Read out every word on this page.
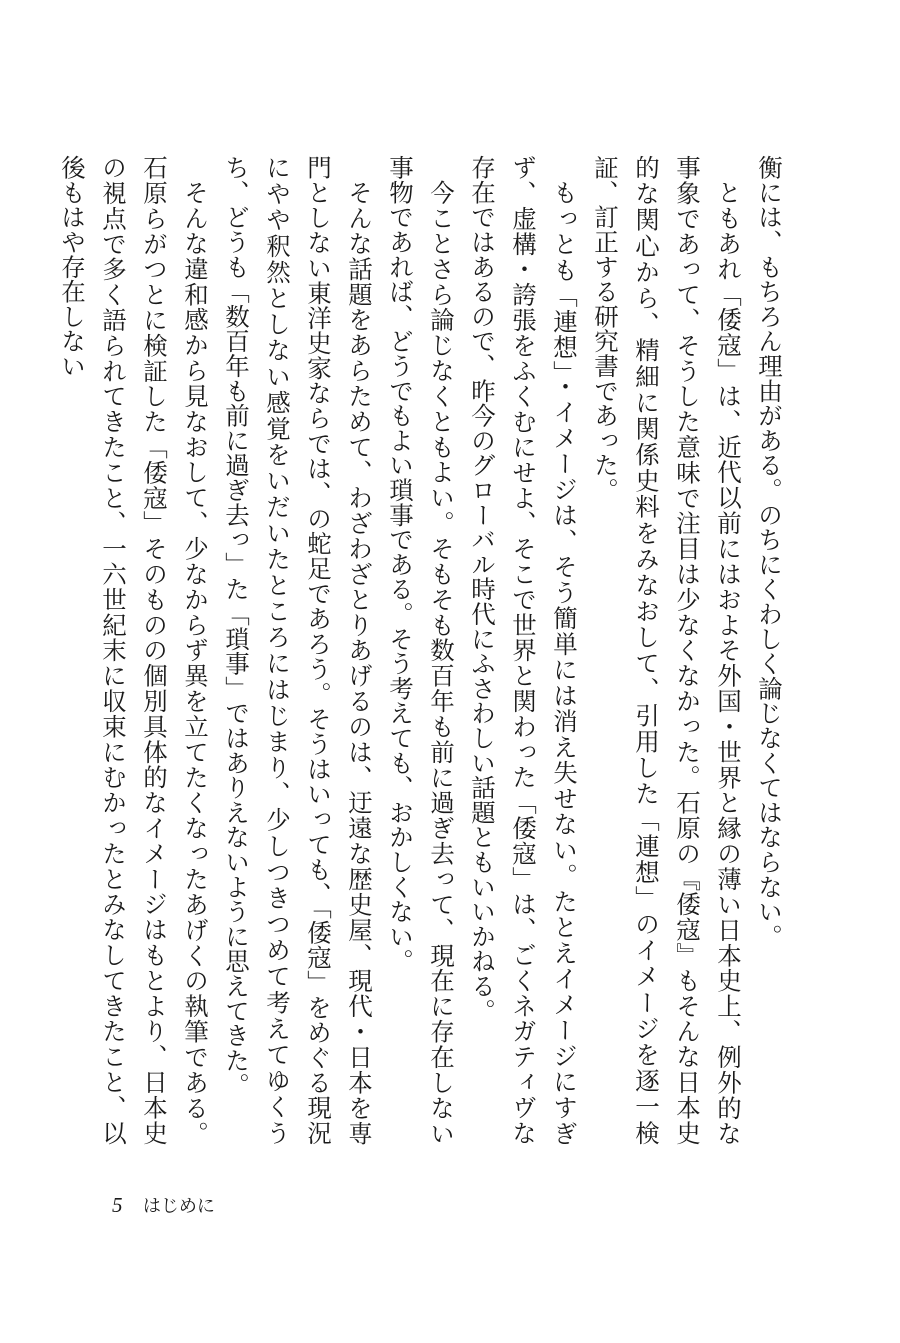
衡には、もちろん理由がある。のちにくわしく論じなくてはならない。

ともあれ「倭寇」は、近代以前にはおよそ外国・世界と縁の薄い日本史上、例外的な事象であって、そうした意味で注目は少なくなかった。石原の『倭寇』もそんな日本史的な関心から、精細に関係史料をみなおして、引用した「連想」のイメージを逐一検証、訂正する研究書であった。

もっとも「連想」・イメージは、そう簡単には消え失せない。たとえイメージにすぎず、虚構・誇張をふくむにせよ、そこで世界と関わった「倭寇」は、ごくネガティヴな存在ではあるので、昨今のグローバル時代にふさわしい話題ともいいかねる。

今ことさら論じなくともよい。そもそも数百年も前に過ぎ去って、現在に存在しない事物であれば、どうでもよい瑣事である。そう考えても、おかしくない。

そんな話題をあらためて、わざわざとりあげるのは、迂遠な歴史屋、現代・日本を専門としない東洋史家ならでは、の蛇足であろう。そうはいっても、「倭寇」をめぐる現況にやや釈然としない感覚をいだいたところにはじまり、少しつきつめて考えてゆくうち、どうも「数百年も前に過ぎ去っ」た「瑣事」ではありえないように思えてきた。

そんな違和感から見なおして、少なからず異を立てたくなったあげくの執筆である。石原らがつとに検証した「倭寇」そのものの個別具体的なイメージはもとより、日本史の視点で多く語られてきたこと、一六世紀末に収束にむかったとみなしてきたこと、以後もはや存在しない

5 はじめに
